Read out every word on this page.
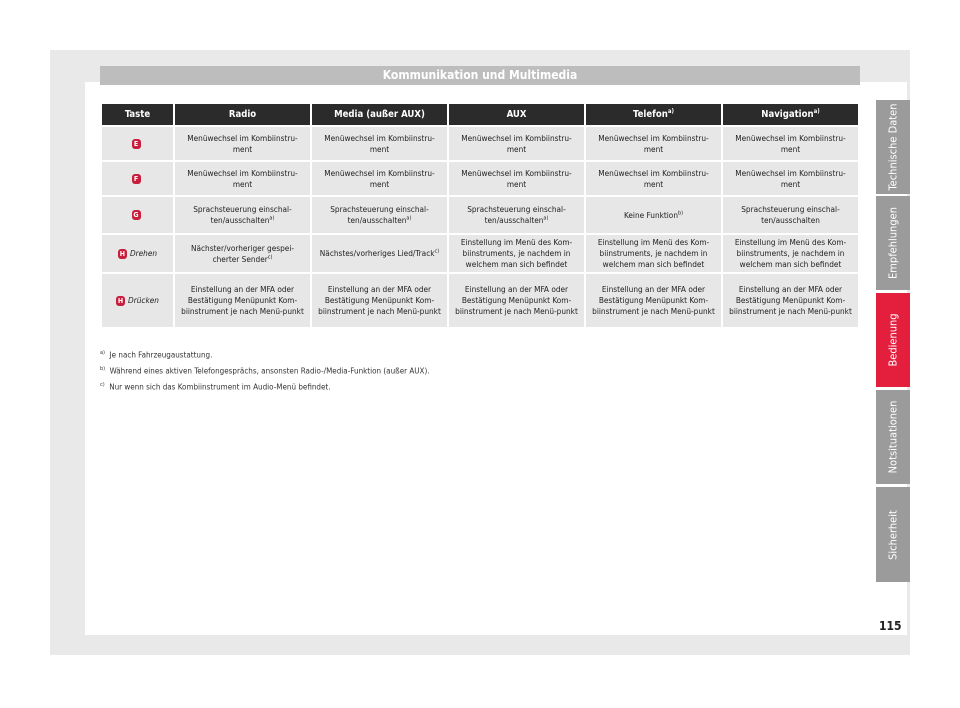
Kommunikation und Multimedia
Taste	Radio	Media (außer AUX)	AUX	Telefon$^{a)}$	Navigation$^{a)}$
E	Menüwechsel im Kombiinstru-ment	Menüwechsel im Kombiinstru-ment	Menüwechsel im Kombiinstru-ment	Menüwechsel im Kombiinstru-ment	Menüwechsel im Kombiinstru-ment
F	Menüwechsel im Kombiinstru-ment	Menüwechsel im Kombiinstru-ment	Menüwechsel im Kombiinstru-ment	Menüwechsel im Kombiinstru-ment	Menüwechsel im Kombiinstru-ment
G	Sprachsteuerung einschal-ten/ausschalten$^{a)}$	Sprachsteuerung einschal-ten/ausschalten$^{a)}$	Sprachsteuerung einschal-ten/ausschalten$^{a)}$	Keine Funktion$^{b)}$	Sprachsteuerung einschal-ten/ausschalten
H Drehen	Nächster/vorheriger gespei-cherter Sender$^{c)}$	Nächstes/vorheriges Lied/Track$^{c)}$	Einstellung im Menü des Kom-biinstruments, je nachdem in welchem man sich befindet	Einstellung im Menü des Kom-biinstruments, je nachdem in welchem man sich befindet	Einstellung im Menü des Kom-biinstruments, je nachdem in welchem man sich befindet
H Drücken	Einstellung an der MFA oder Bestätigung Menüpunkt Kom-biinstrument je nach Menü-punkt	Einstellung an der MFA oder Bestätigung Menüpunkt Kom-biinstrument je nach Menü-punkt	Einstellung an der MFA oder Bestätigung Menüpunkt Kom-biinstrument je nach Menü-punkt	Einstellung an der MFA oder Bestätigung Menüpunkt Kom-biinstrument je nach Menü-punkt	Einstellung an der MFA oder Bestätigung Menüpunkt Kom-biinstrument je nach Menü-punkt
$^{a)}$ Je nach Fahrzeugaustattung.
$^{b)}$ Während eines aktiven Telefongesprächs, ansonsten Radio-/Media-Funktion (außer AUX).
$^{c)}$ Nur wenn sich das Kombiinstrument im Audio-Menü befindet.
Technische Daten
Empfehlungen
Bedienung
Notsituationen
Sicherheit
115
